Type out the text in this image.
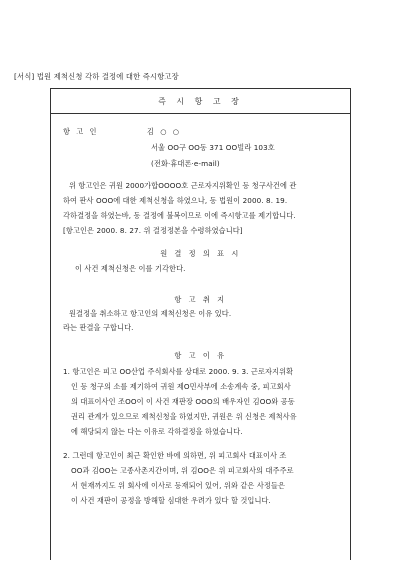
[서식] 법원 제척신청 각하 결정에 대한 즉시항고장
즉 시 항 고 장
항 고 인	김 ○ ○
서울 OO구 OO동 371 OO빌라 103호
(전화·휴대폰·e-mail)
위 항고인은 귀원 2000가합OOOO호 근로자지위확인 등 청구사건에 관
하여 판사 OOO에 대한 제척신청을 하였으나, 동 법원이 2000. 8. 19.
각하결정을 하였는바, 동 결정에 불복이므로 이에 즉시항고를 제기합니다.
[항고인은 2000. 8. 27. 위 결정정본을 수령하였습니다]
원 결 정 의 표 시
이 사건 제척신청은 이를 기각한다.
항 고 취 지
원결정을 취소하고 항고인의 제척신청은 이유 있다.
라는 판결을 구합니다.
항 고 이 유
1. 항고인은 피고 OO산업 주식회사를 상대로 2000. 9. 3. 근로자지위확
인 등 청구의 소를 제기하여 귀원 제O민사부에 소송계속 중, 피고회사
의 대표이사인 조OO이 이 사건 재판장 OOO의 배우자인 김OO와 공동
권리 관계가 있으므로 제척신청을 하였지만, 귀원은 위 신청은 제척사유
에 해당되지 않는 다는 이유로 각하결정을 하였습니다.
2. 그런데 항고인이 최근 확인한 바에 의하면, 위 피고회사 대표이사 조
OO과 김OO는 고종사촌지간이며, 위 김OO은 위 피고회사의 대주주로
서 현재까지도 위 회사에 이사로 등재되어 있어, 위와 같은 사정들은
이 사건 재판이 공정을 방해할 심대한 우려가 있다 할 것입니다.
